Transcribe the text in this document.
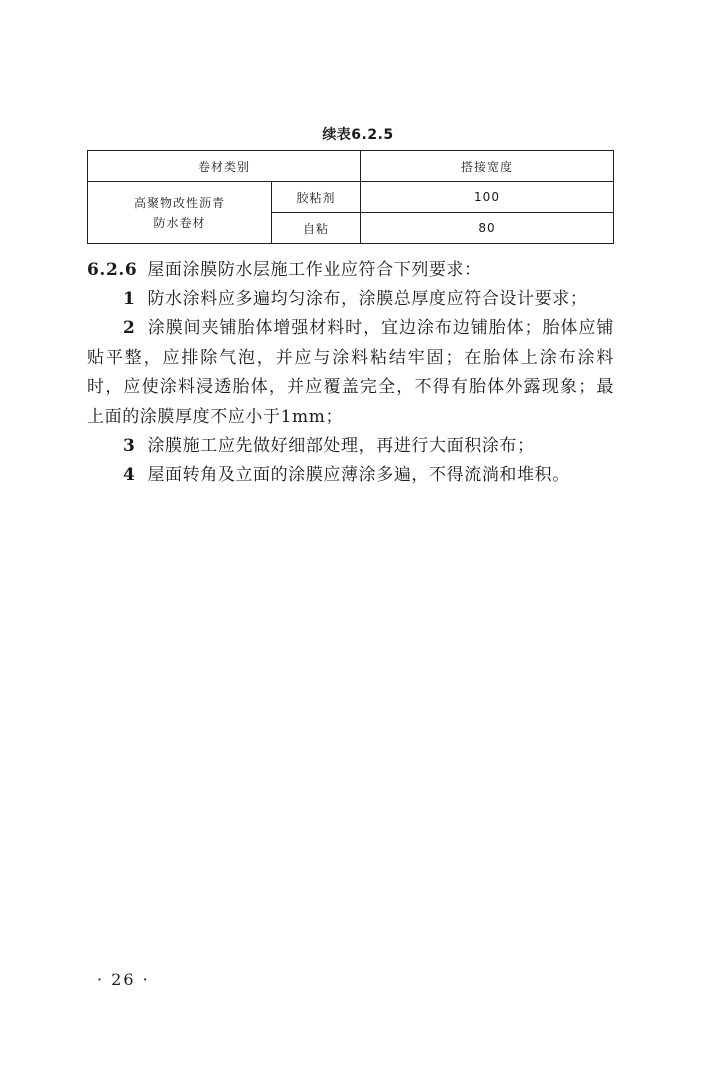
续表6.2.5
卷材类别		搭接宽度
高聚物改性沥青
防水卷材	胶粘剂	100
	自粘	80
6.2.6 屋面涂膜防水层施工作业应符合下列要求：
1 防水涂料应多遍均匀涂布，涂膜总厚度应符合设计要求；
2 涂膜间夹铺胎体增强材料时，宜边涂布边铺胎体；胎体应铺贴平整，应排除气泡，并应与涂料粘结牢固；在胎体上涂布涂料时，应使涂料浸透胎体，并应覆盖完全，不得有胎体外露现象；最上面的涂膜厚度不应小于1mm；
3 涂膜施工应先做好细部处理，再进行大面积涂布；
4 屋面转角及立面的涂膜应薄涂多遍，不得流淌和堆积。
· 26 ·
